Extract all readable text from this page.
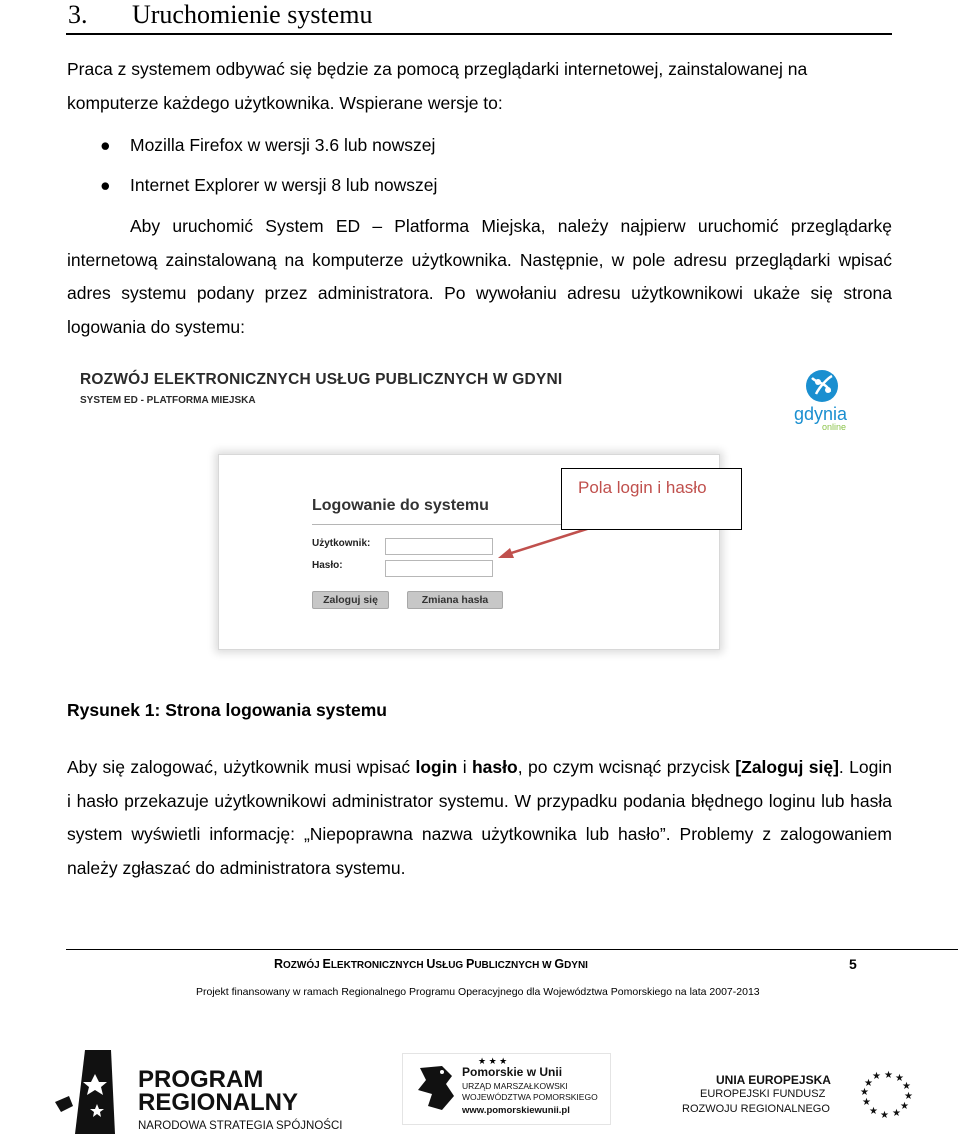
3. Uruchomienie systemu
Praca z systemem odbywać się będzie za pomocą przeglądarki internetowej, zainstalowanej na
komputerze każdego użytkownika. Wspierane wersje to:
● Mozilla Firefox w wersji 3.6 lub nowszej
● Internet Explorer w wersji 8 lub nowszej
Aby uruchomić System ED – Platforma Miejska, należy najpierw uruchomić przeglądarkę internetową zainstalowaną na komputerze użytkownika. Następnie, w pole adresu przeglądarki wpisać adres systemu podany przez administratora. Po wywołaniu adresu użytkownikowi ukaże się strona logowania do systemu:
ROZWÓJ ELEKTRONICZNYCH USŁUG PUBLICZNYCH W GDYNI
SYSTEM ED - PLATFORMA MIEJSKA
gdynia
online
Logowanie do systemu
Użytkownik:
Hasło:
Zaloguj się	Zmiana hasła
Pola login i hasło
Rysunek 1: Strona logowania systemu
Aby się zalogować, użytkownik musi wpisać login i hasło, po czym wcisnąć przycisk [Zaloguj się]. Login i hasło przekazuje użytkownikowi administrator systemu. W przypadku podania błędnego loginu lub hasła system wyświetli informację: „Niepoprawna nazwa użytkownika lub hasło”. Problemy z zalogowaniem należy zgłaszać do administratora systemu.
ROZWÓJ ELEKTRONICZNYCH USŁUG PUBLICZNYCH W GDYNI	5
Projekt finansowany w ramach Regionalnego Programu Operacyjnego dla Województwa Pomorskiego na lata 2007-2013
PROGRAM
REGIONALNY
NARODOWA STRATEGIA SPÓJNOŚCI
★ ★ ★
Pomorskie w Unii
URZĄD MARSZAŁKOWSKI
WOJEWÓDZTWA POMORSKIEGO
www.pomorskiewunii.pl
UNIA EUROPEJSKA
EUROPEJSKI FUNDUSZ
ROZWOJU REGIONALNEGO
★ ★
★
★
★
★
★
★
★
★
★
★
